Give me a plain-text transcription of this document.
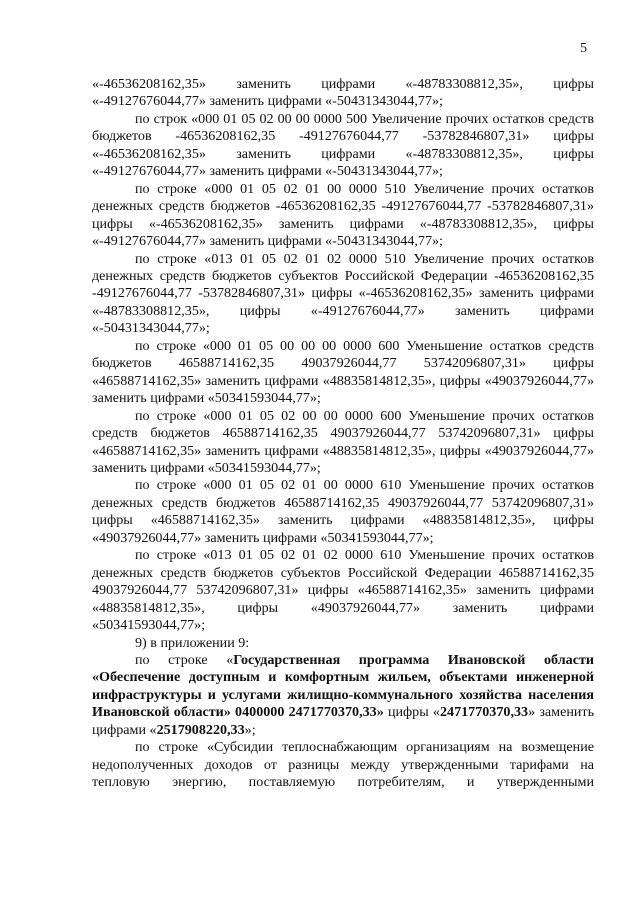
5

«-46536208162,35» заменить цифрами «-48783308812,35», цифры «-49127676044,77» заменить цифрами «-50431343044,77»;

по строк «000 01 05 02 00 00 0000 500 Увеличение прочих остатков средств бюджетов -46536208162,35 -49127676044,77 -53782846807,31» цифры «-46536208162,35» заменить цифрами «-48783308812,35», цифры «-49127676044,77» заменить цифрами «-50431343044,77»;

по строке «000 01 05 02 01 00 0000 510 Увеличение прочих остатков денежных средств бюджетов -46536208162,35 -49127676044,77 -53782846807,31» цифры «-46536208162,35» заменить цифрами «-48783308812,35», цифры «-49127676044,77» заменить цифрами «-50431343044,77»;

по строке «013 01 05 02 01 02 0000 510 Увеличение прочих остатков денежных средств бюджетов субъектов Российской Федерации -46536208162,35 -49127676044,77 -53782846807,31» цифры «-46536208162,35» заменить цифрами «-48783308812,35», цифры «-49127676044,77» заменить цифрами «-50431343044,77»;

по строке «000 01 05 00 00 00 0000 600 Уменьшение остатков средств бюджетов 46588714162,35 49037926044,77 53742096807,31» цифры «46588714162,35» заменить цифрами «48835814812,35», цифры «49037926044,77» заменить цифрами «50341593044,77»;

по строке «000 01 05 02 00 00 0000 600 Уменьшение прочих остатков средств бюджетов 46588714162,35 49037926044,77 53742096807,31» цифры «46588714162,35» заменить цифрами «48835814812,35», цифры «49037926044,77» заменить цифрами «50341593044,77»;

по строке «000 01 05 02 01 00 0000 610 Уменьшение прочих остатков денежных средств бюджетов 46588714162,35 49037926044,77 53742096807,31» цифры «46588714162,35» заменить цифрами «48835814812,35», цифры «49037926044,77» заменить цифрами «50341593044,77»;

по строке «013 01 05 02 01 02 0000 610 Уменьшение прочих остатков денежных средств бюджетов субъектов Российской Федерации 46588714162,35 49037926044,77 53742096807,31» цифры «46588714162,35» заменить цифрами «48835814812,35», цифры «49037926044,77» заменить цифрами «50341593044,77»;

9) в приложении 9:

по строке «Государственная программа Ивановской области «Обеспечение доступным и комфортным жильем, объектами инженерной инфраструктуры и услугами жилищно-коммунального хозяйства населения Ивановской области» 0400000 2471770370,33» цифры «2471770370,33» заменить цифрами «2517908220,33»;

по строке «Субсидии теплоснабжающим организациям на возмещение недополученных доходов от разницы между утвержденными тарифами на тепловую энергию, поставляемую потребителям, и утвержденными
